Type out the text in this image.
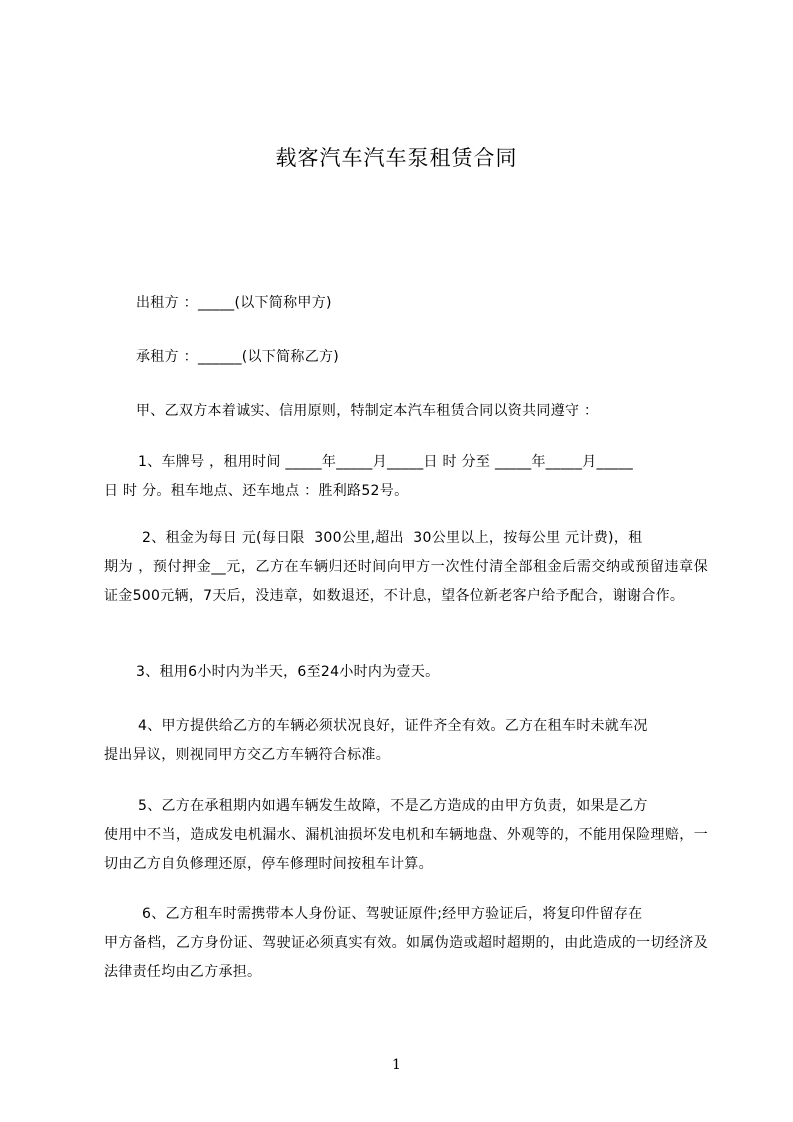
载客汽车汽车泵租赁合同
出租方 ：_____(以下简称甲方)
承租方 ：______(以下简称乙方)
甲、乙双方本着诚实、信用原则，特制定本汽车租赁合同以资共同遵守 ：
1、车牌号 ，租用时间 _____年_____月_____日 时 分至 _____年_____月_____
日 时 分。租车地点、还车地点 ：胜利路52号。
2、租金为每日 元(每日限  300公里,超出  30公里以上，按每公里 元计费)，租
期为 ，预付押金__元，乙方在车辆归还时间向甲方一次性付清全部租金后需交纳或预留违章保证金500元辆，7天后，没违章，如数退还，不计息，望各位新老客户给予配合，谢谢合作。
3、租用6小时内为半天，6至24小时内为壹天。
4、甲方提供给乙方的车辆必须状况良好，证件齐全有效。乙方在租车时未就车况
提出异议，则视同甲方交乙方车辆符合标准。
5、乙方在承租期内如遇车辆发生故障，不是乙方造成的由甲方负责，如果是乙方
使用中不当，造成发电机漏水、漏机油损坏发电机和车辆地盘、外观等的，不能用保险理赔，一切由乙方自负修理还原，停车修理时间按租车计算。
6、乙方租车时需携带本人身份证、驾驶证原件;经甲方验证后，将复印件留存在
甲方备档，乙方身份证、驾驶证必须真实有效。如属伪造或超时超期的，由此造成的一切经济及法律责任均由乙方承担。
1
